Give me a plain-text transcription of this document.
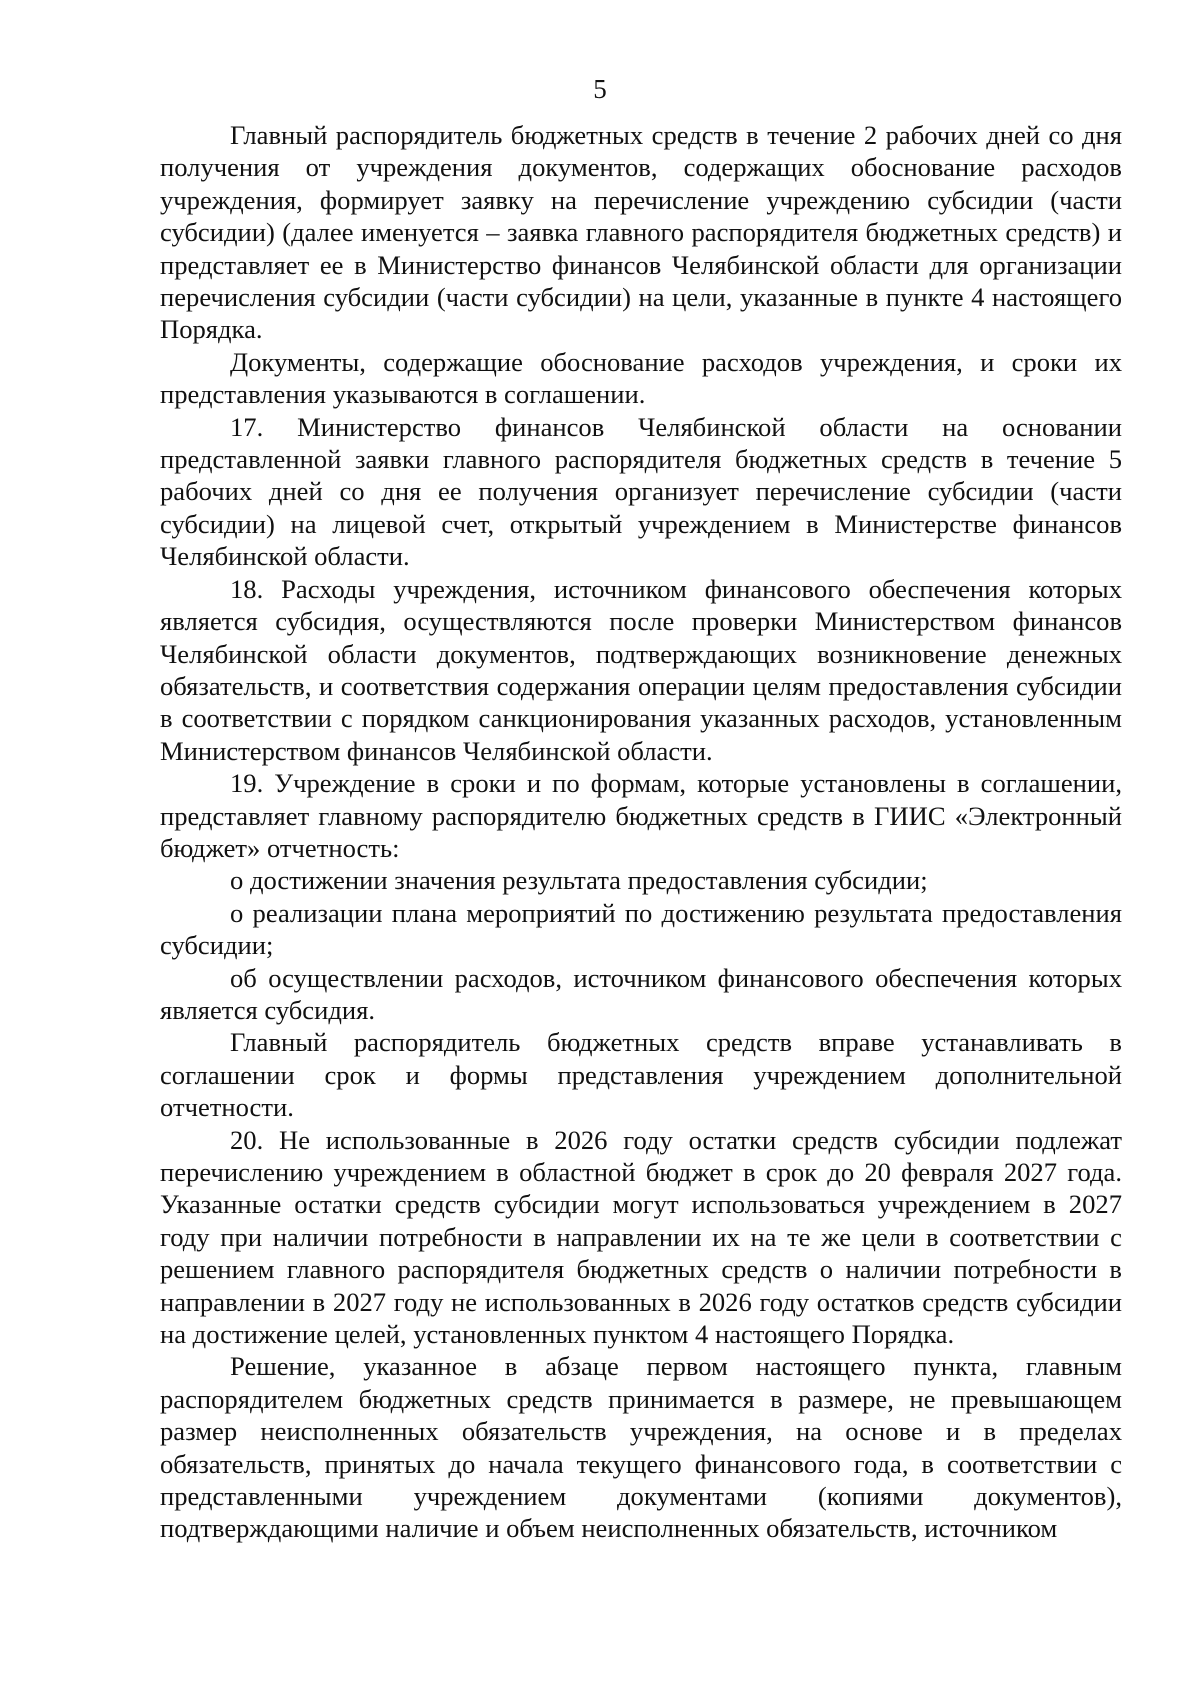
5

Главный распорядитель бюджетных средств в течение 2 рабочих дней со дня получения от учреждения документов, содержащих обоснование расходов учреждения, формирует заявку на перечисление учреждению субсидии (части субсидии) (далее именуется – заявка главного распорядителя бюджетных средств) и представляет ее в Министерство финансов Челябинской области для организации перечисления субсидии (части субсидии) на цели, указанные в пункте 4 настоящего Порядка.

Документы, содержащие обоснование расходов учреждения, и сроки их представления указываются в соглашении.

17. Министерство финансов Челябинской области на основании представленной заявки главного распорядителя бюджетных средств в течение 5 рабочих дней со дня ее получения организует перечисление субсидии (части субсидии) на лицевой счет, открытый учреждением в Министерстве финансов Челябинской области.

18. Расходы учреждения, источником финансового обеспечения которых является субсидия, осуществляются после проверки Министерством финансов Челябинской области документов, подтверждающих возникновение денежных обязательств, и соответствия содержания операции целям предоставления субсидии в соответствии с порядком санкционирования указанных расходов, установленным Министерством финансов Челябинской области.

19. Учреждение в сроки и по формам, которые установлены в соглашении, представляет главному распорядителю бюджетных средств в ГИИС «Электронный бюджет» отчетность:

о достижении значения результата предоставления субсидии;

о реализации плана мероприятий по достижению результата предоставления субсидии;

об осуществлении расходов, источником финансового обеспечения которых является субсидия.

Главный распорядитель бюджетных средств вправе устанавливать в соглашении срок и формы представления учреждением дополнительной отчетности.

20. Не использованные в 2026 году остатки средств субсидии подлежат перечислению учреждением в областной бюджет в срок до 20 февраля 2027 года. Указанные остатки средств субсидии могут использоваться учреждением в 2027 году при наличии потребности в направлении их на те же цели в соответствии с решением главного распорядителя бюджетных средств о наличии потребности в направлении в 2027 году не использованных в 2026 году остатков средств субсидии на достижение целей, установленных пунктом 4 настоящего Порядка.

Решение, указанное в абзаце первом настоящего пункта, главным распорядителем бюджетных средств принимается в размере, не превышающем размер неисполненных обязательств учреждения, на основе и в пределах обязательств, принятых до начала текущего финансового года, в соответствии с представленными учреждением документами (копиями документов), подтверждающими наличие и объем неисполненных обязательств, источником
